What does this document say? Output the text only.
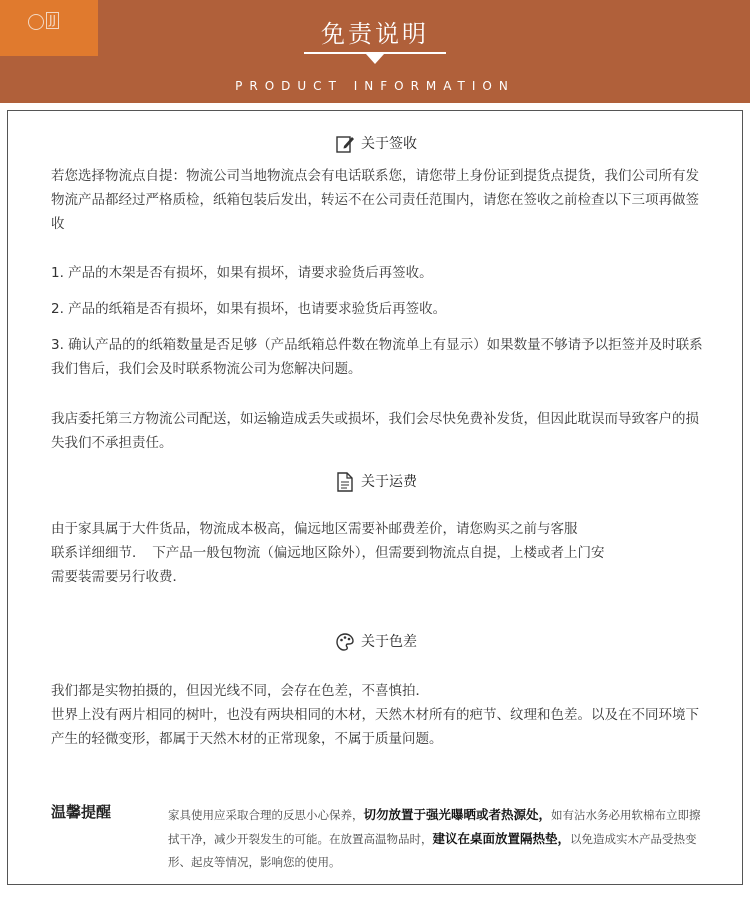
JJ	免责说明
PRODUCT INFORMATION
关于签收
若您选择物流点自提：物流公司当地物流点会有电话联系您，请您带上身份证到提货点提货，我们公司所有发物流产品都经过严格质检，纸箱包装后发出，转运不在公司责任范围内，请您在签收之前检查以下三项再做签收
1. 产品的木架是否有损坏，如果有损坏，请要求验货后再签收。
2. 产品的纸箱是否有损坏，如果有损坏，也请要求验货后再签收。
3. 确认产品的的纸箱数量是否足够（产品纸箱总件数在物流单上有显示）如果数量不够请予以拒签并及时联系我们售后，我们会及时联系物流公司为您解决问题。
我店委托第三方物流公司配送，如运输造成丢失或损坏，我们会尽快免费补发货，但因此耽误而导致客户的损失我们不承担责任。
关于运费
由于家具属于大件货品，物流成本极高，偏远地区需要补邮费差价，请您购买之前与客服
联系详细细节．　下产品一般包物流（偏远地区除外），但需要到物流点自提，上楼或者上门安
需要装需要另行收费．
关于色差
我们都是实物拍摄的，但因光线不同，会存在色差，不喜慎拍．
世界上没有两片相同的树叶，也没有两块相同的木材，天然木材所有的疤节、纹理和色差。以及在不同环境下产生的轻微变形，都属于天然木材的正常现象，不属于质量问题。
温馨提醒	家具使用应采取合理的反思小心保养，切勿放置于强光曝晒或者热源处，如有沾水务必用软棉布立即擦拭干净，减少开裂发生的可能。在放置高温物品时，建议在桌面放置隔热垫，以免造成实木产品受热变形、起皮等情况，影响您的使用。
